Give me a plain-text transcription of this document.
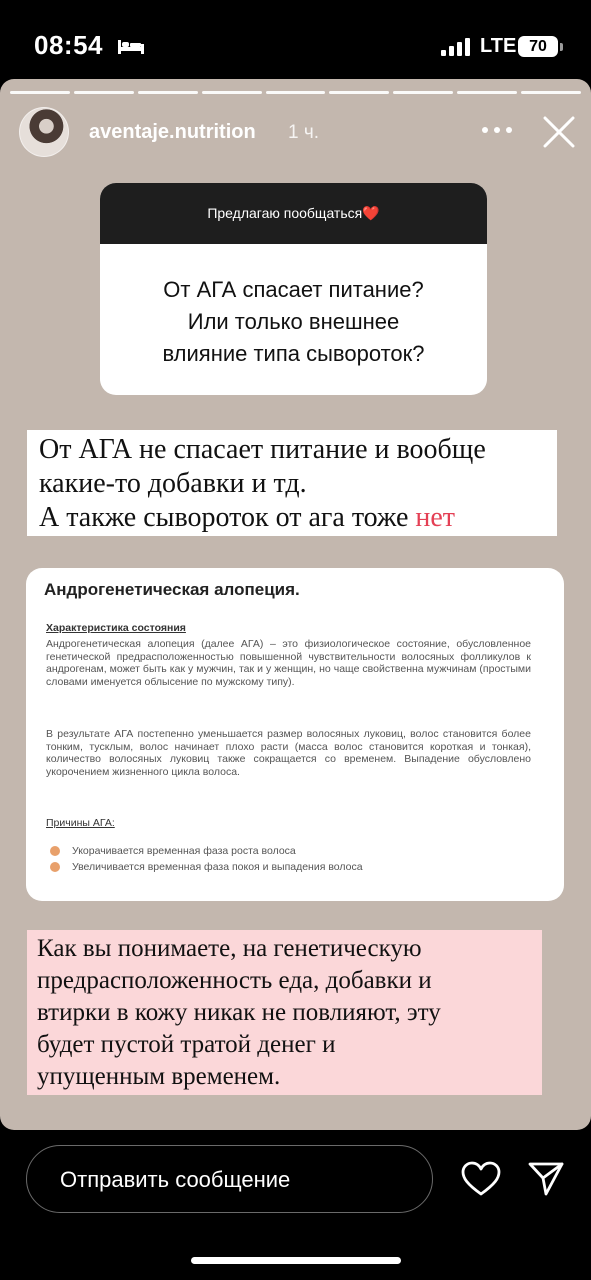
08:54	LTE 70
aventaje.nutrition 1 ч.
Предлагаю пообщаться❤️
От АГА спасает питание?
Или только внешнее
влияние типа сывороток?
От АГА не спасает питание и вообще
какие-то добавки и тд.
А также сывороток от ага тоже нет
Андрогенетическая алопеция.
Характеристика состояния
Андрогенетическая алопеция (далее АГА) – это физиологическое состояние, обусловленное генетической предрасположенностью повышенной чувствительности волосяных фолликулов к андрогенам, может быть как у мужчин, так и у женщин, но чаще свойственна мужчинам (простыми словами именуется облысение по мужскому типу).
В результате АГА постепенно уменьшается размер волосяных луковиц, волос становится более тонким, тусклым, волос начинает плохо расти (масса волос становится короткая и тонкая), количество волосяных луковиц также сокращается со временем. Выпадение обусловлено укорочением жизненного цикла волоса.
Причины АГА:
Укорачивается временная фаза роста волоса
Увеличивается временная фаза покоя и выпадения волоса
Как вы понимаете, на генетическую
предрасположенность еда, добавки и
втирки в кожу никак не повлияют, эту
будет пустой тратой денег и
упущенным временем.
Отправить сообщение
